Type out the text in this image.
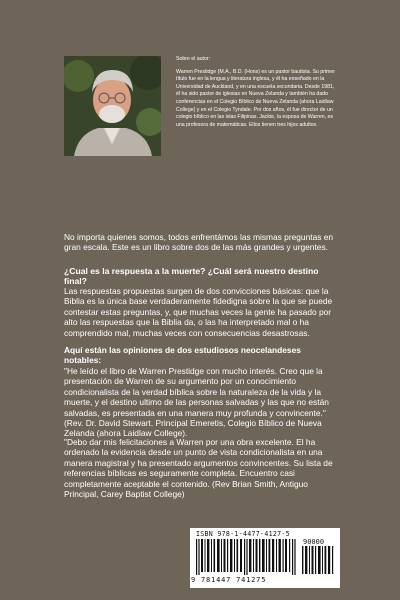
Sobre el autor:
Warren Prestidge (M.A., B.D. (Hons) es un pastor bautista. Su primer título fue en la lengua y literatura inglesa, y él ha enseñado en la Universidad de Auckland, y en una escuela secundaria. Desde 1981, él ha sido pastor de iglesias en Nueva Zelanda y también ha dado conferencias en el Colegio Bíblico de Nueva Zelanda (ahora Laidlaw College) y en el Colegio Tyndale. Por dos años, él fue director de un colegio bíblico en las islas Filipinas. Jackie, la esposa de Warren, es una profesora de matemáticas. Ellos tienen tres hijos adultos.
No importa quienes somos, todos enfrentámos las mismas preguntas en gran escala. Este es un libro sobre dos de las más grandes y urgentes.
¿Cual es la respuesta a la muerte? ¿Cuál será nuestro destino final?
Las respuestas propuestas surgen de dos convicciones básicas: que la Biblia es la única base verdaderamente fidedigna sobre la que se puede contestar estas preguntas, y, que muchas veces la gente ha pasado por alto las respuestas que la Biblia da, o las ha interpretado mal o ha comprendido mal, muchas veces con consecuencias desastrosas.
Aquí están las opiniones de dos estudiosos neocelandeses notables:
"He leído el libro de Warren Prestidge con mucho interés. Creo que la presentación de Warren de su argumento por un conocimiento condicionalista de la verdad bíblica sobre la naturaleza de la vida y la muerte, y el destino ultimo de las personas salvadas y las que no están salvadas, es presentada en una manera muy profunda y convincente." (Rev. Dr. David Stewart. Principal Emeretis, Colegio Bíblico de Nueva Zelanda (ahora Laidlaw College).
"Debo dar mis felicitaciones a Warren por una obra excelente. El ha ordenado la evidencia desde un punto de vista condicionalista en una manera magistral y ha presentado argumentos convincentes. Su lista de referencias bíblicas es seguramente completa. Encuentro casi completamente aceptable el contenido. (Rev Brian Smith, Antiguo Principal, Carey Baptist College)
ISBN 978-1-4477-4127-5
90000
9 781447 741275
